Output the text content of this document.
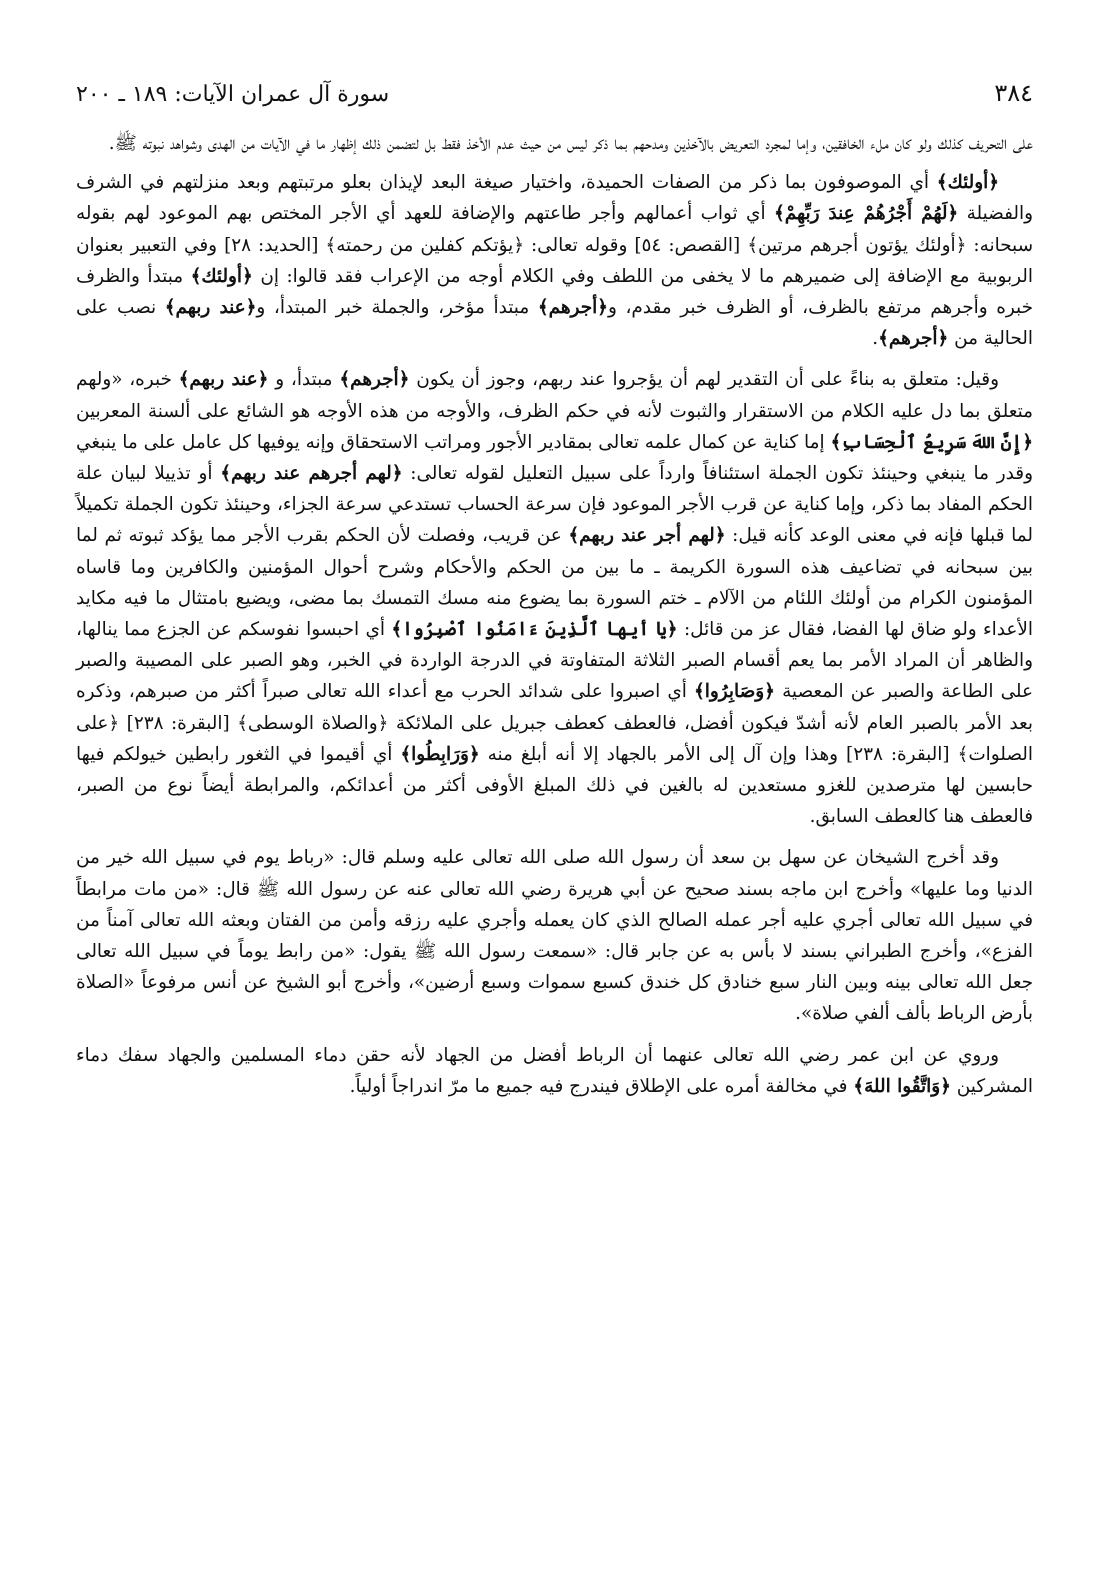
٣٨٤
سورة آل عمران الآيات: ١٨٩ ـ ٢٠٠

على التحريف كذلك ولو كان ملء الخافقين، وإما لمجرد التعريض بالآخذين ومدحهم بما ذكر ليس من حيث عدم الأخذ فقط بل لتضمن ذلك إظهار ما في الآيات من الهدى وشواهد نبوته ﷺ.

﴿أولئك﴾ أي الموصوفون بما ذكر من الصفات الحميدة، واختيار صيغة البعد لإيذان بعلو مرتبتهم وبعد منزلتهم في الشرف والفضيلة ﴿لَهُمْ أَجْرُهُمْ عِندَ رَبِّهِمْ﴾ أي ثواب أعمالهم وأجر طاعتهم والإضافة للعهد أي الأجر المختص بهم الموعود لهم بقوله سبحانه: ﴿أولئك يؤتون أجرهم مرتين﴾ [القصص: ٥٤] وقوله تعالى: ﴿يؤتكم كفلين من رحمته﴾ [الحديد: ٢٨] وفي التعبير بعنوان الربوبية مع الإضافة إلى ضميرهم ما لا يخفى من اللطف وفي الكلام أوجه من الإعراب فقد قالوا: إن ﴿أولئك﴾ مبتدأ والظرف خبره وأجرهم مرتفع بالظرف، أو الظرف خبر مقدم، و﴿أجرهم﴾ مبتدأ مؤخر، والجملة خبر المبتدأ، و﴿عند ربهم﴾ نصب على الحالية من ﴿أجرهم﴾.

وقيل: متعلق به بناءً على أن التقدير لهم أن يؤجروا عند ربهم، وجوز أن يكون ﴿أجرهم﴾ مبتدأ، و ﴿عند ربهم﴾ خبره، «ولهم متعلق بما دل عليه الكلام من الاستقرار والثبوت لأنه في حكم الظرف، والأوجه من هذه الأوجه هو الشائع على ألسنة المعربين ﴿إِنَّ اللهَ سَرِيعُ ٱلْحِسَابِ﴾ إما كناية عن كمال علمه تعالى بمقادير الأجور ومراتب الاستحقاق وإنه يوفيها كل عامل على ما ينبغي وقدر ما ينبغي وحينئذ تكون الجملة استئنافاً وارداً على سبيل التعليل لقوله تعالى: ﴿لهم أجرهم عند ربهم﴾ أو تذييلا لبيان علة الحكم المفاد بما ذكر، وإما كناية عن قرب الأجر الموعود فإن سرعة الحساب تستدعي سرعة الجزاء، وحينئذ تكون الجملة تكميلاً لما قبلها فإنه في معنى الوعد كأنه قيل: ﴿لهم أجر عند ربهم﴾ عن قريب، وفصلت لأن الحكم بقرب الأجر مما يؤكد ثبوته ثم لما بين سبحانه في تضاعيف هذه السورة الكريمة ـ ما بين من الحكم والأحكام وشرح أحوال المؤمنين والكافرين وما قاساه المؤمنون الكرام من أولئك اللئام من الآلام ـ ختم السورة بما يضوع منه مسك التمسك بما مضى، ويضيع بامتثال ما فيه مكايد الأعداء ولو ضاق لها الفضا، فقال عز من قائل: ﴿يا أيها ٱلَّذِينَ ءَامَنُوا ٱصْبِرُوا﴾ أي احبسوا نفوسكم عن الجزع مما ينالها، والظاهر أن المراد الأمر بما يعم أقسام الصبر الثلاثة المتفاوتة في الدرجة الواردة في الخبر، وهو الصبر على المصيبة والصبر على الطاعة والصبر عن المعصية ﴿وَصَابِرُوا﴾ أي اصبروا على شدائد الحرب مع أعداء الله تعالى صبراً أكثر من صبرهم، وذكره بعد الأمر بالصبر العام لأنه أشدّ فيكون أفضل، فالعطف كعطف جبريل على الملائكة ﴿والصلاة الوسطى﴾ [البقرة: ٢٣٨] ﴿على الصلوات﴾ [البقرة: ٢٣٨] وهذا وإن آل إلى الأمر بالجهاد إلا أنه أبلغ منه ﴿وَرَابِطُوا﴾ أي أقيموا في الثغور رابطين خيولكم فيها حابسين لها مترصدين للغزو مستعدين له بالغين في ذلك المبلغ الأوفى أكثر من أعدائكم، والمرابطة أيضاً نوع من الصبر، فالعطف هنا كالعطف السابق.

وقد أخرج الشيخان عن سهل بن سعد أن رسول الله صلى الله تعالى عليه وسلم قال: «رباط يوم في سبيل الله خير من الدنيا وما عليها» وأخرج ابن ماجه بسند صحيح عن أبي هريرة رضي الله تعالى عنه عن رسول الله ﷺ قال: «من مات مرابطاً في سبيل الله تعالى أجري عليه أجر عمله الصالح الذي كان يعمله وأجري عليه رزقه وأمن من الفتان وبعثه الله تعالى آمناً من الفزع»، وأخرج الطبراني بسند لا بأس به عن جابر قال: «سمعت رسول الله ﷺ يقول: «من رابط يوماً في سبيل الله تعالى جعل الله تعالى بينه وبين النار سبع خنادق كل خندق كسبع سموات وسبع أرضين»، وأخرج أبو الشيخ عن أنس مرفوعاً «الصلاة بأرض الرباط بألف ألفي صلاة».

وروي عن ابن عمر رضي الله تعالى عنهما أن الرباط أفضل من الجهاد لأنه حقن دماء المسلمين والجهاد سفك دماء المشركين ﴿وَاتَّقُوا اللهَ﴾ في مخالفة أمره على الإطلاق فيندرج فيه جميع ما مرّ اندراجاً أولياً.
